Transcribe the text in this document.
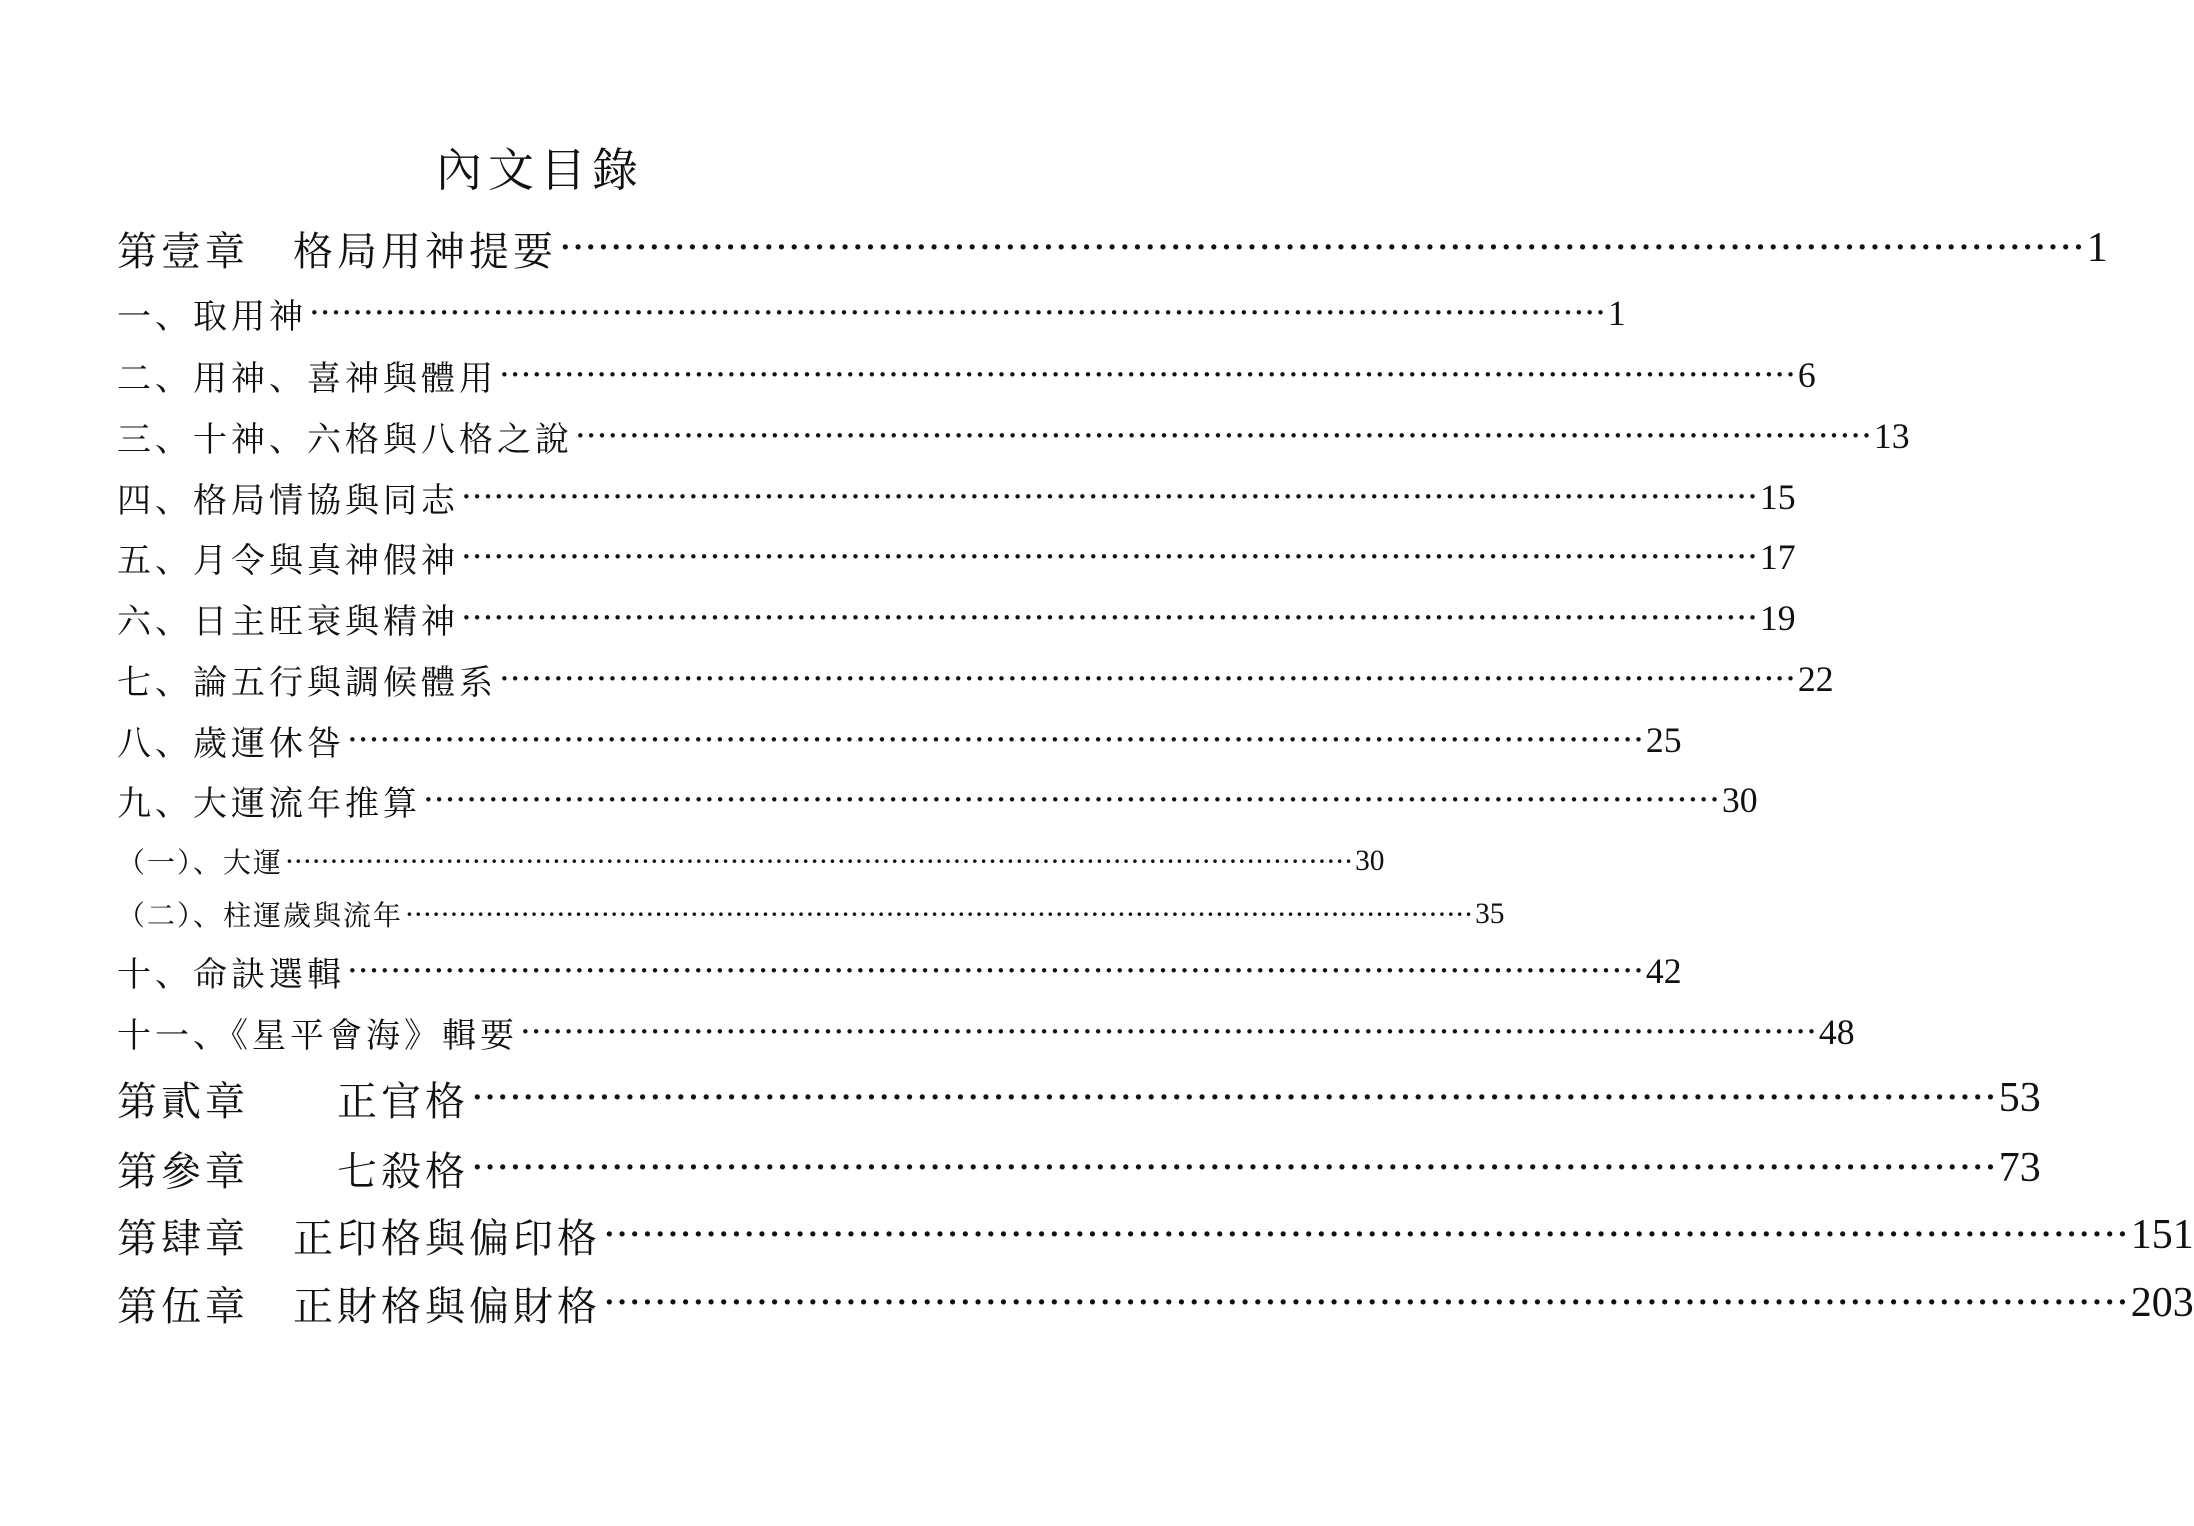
內文目錄
第壹章　格局用神提要 ························································································································ 1
一、取用神 ························································································································ 1
二、用神、喜神與體用 ························································································································ 6
三、十神、六格與八格之說 ························································································································ 13
四、格局情協與同志 ························································································································ 15
五、月令與真神假神 ························································································································ 17
六、日主旺衰與精神 ························································································································ 19
七、論五行與調候體系 ························································································································ 22
八、歲運休咎 ························································································································ 25
九、大運流年推算 ························································································································ 30
（一）、大運 ························································································································ 30
（二）、柱運歲與流年 ························································································································ 35
十、命訣選輯 ························································································································ 42
十一、《星平會海》輯要 ························································································································ 48
第貳章　　正官格 ························································································································ 53
第參章　　七殺格 ························································································································ 73
第肆章　正印格與偏印格 ························································································································ 151
第伍章　正財格與偏財格 ························································································································ 203
